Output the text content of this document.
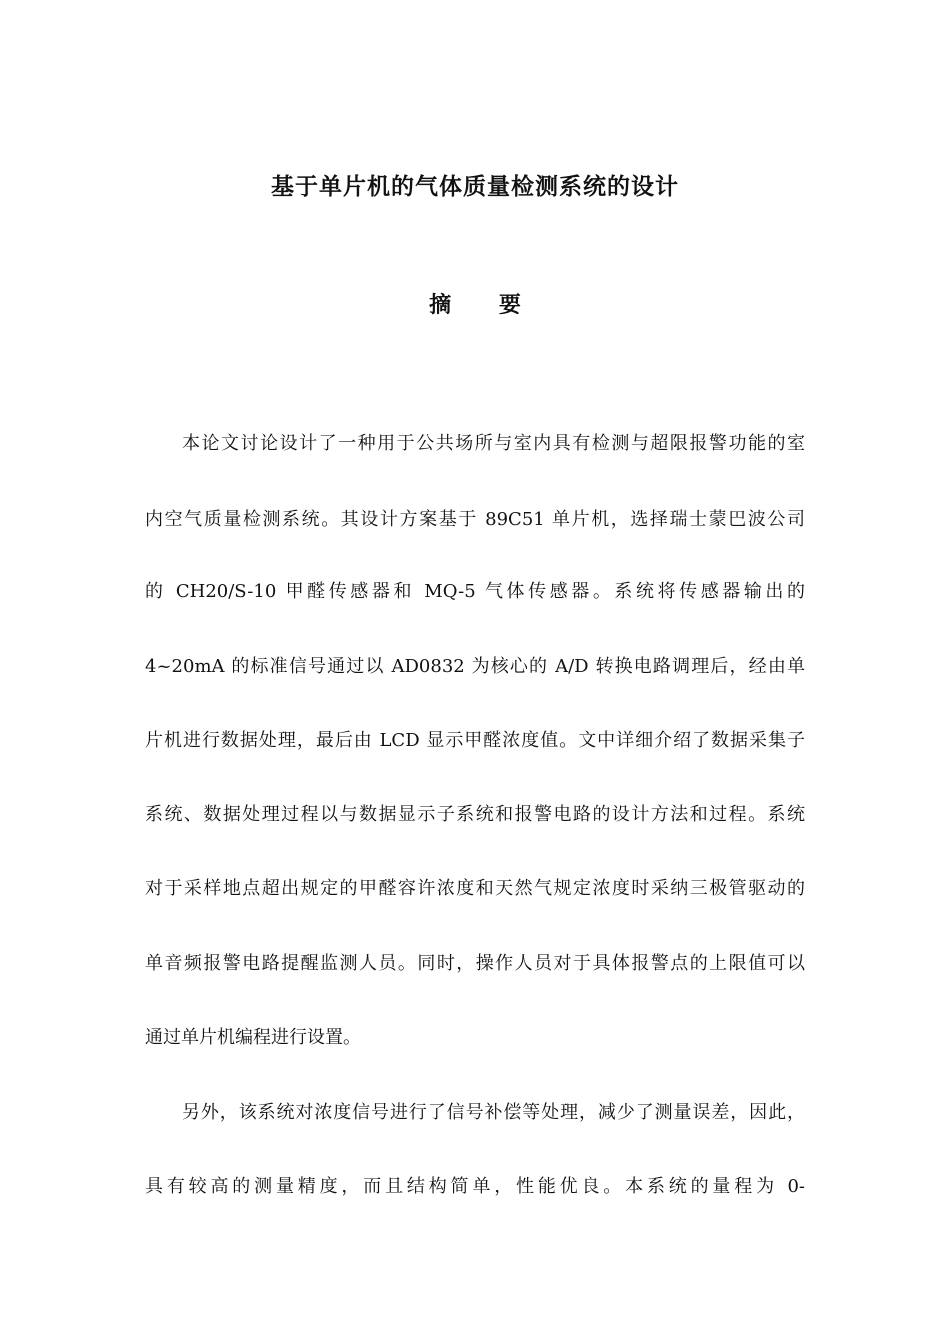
基于单片机的气体质量检测系统的设计
摘 要
本论文讨论设计了一种用于公共场所与室内具有检测与超限报警功能的室
内空气质量检测系统。其设计方案基于 89C51 单片机，选择瑞士蒙巴波公司
的 CH20/S-10 甲醛传感器和 MQ-5 气体传感器。系统将传感器输出的
4~20mA 的标准信号通过以 AD0832 为核心的 A/D 转换电路调理后，经由单
片机进行数据处理，最后由 LCD 显示甲醛浓度值。文中详细介绍了数据采集子
系统、数据处理过程以与数据显示子系统和报警电路的设计方法和过程。系统
对于采样地点超出规定的甲醛容许浓度和天然气规定浓度时采纳三极管驱动的
单音频报警电路提醒监测人员。同时，操作人员对于具体报警点的上限值可以
通过单片机编程进行设置。
另外，该系统对浓度信号进行了信号补偿等处理，减少了测量误差，因此，
具有较高的测量精度，而且结构简单，性能优良。本系统的量程为 0-
